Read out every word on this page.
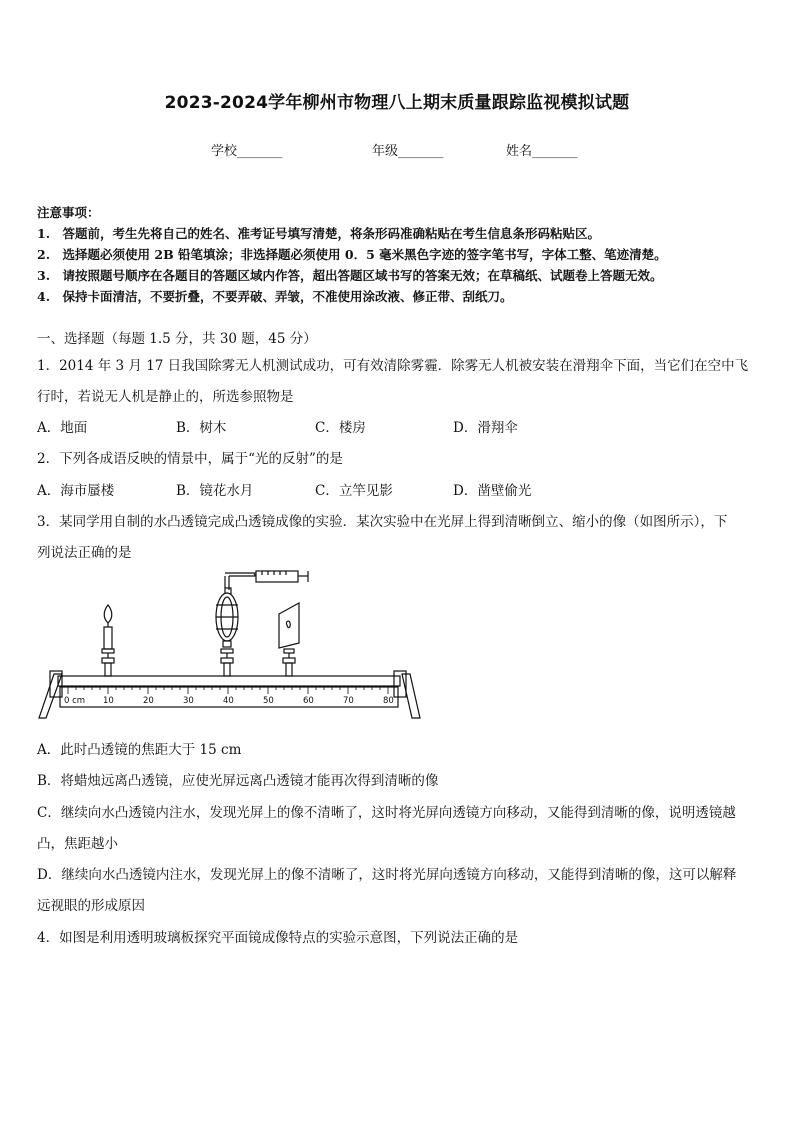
2023-2024学年柳州市物理八上期末质量跟踪监视模拟试题
学校_______	年级_______	姓名_______
注意事项：
1.　答题前，考生先将自己的姓名、准考证号填写清楚，将条形码准确粘贴在考生信息条形码粘贴区。
2.　选择题必须使用 2B 铅笔填涂；非选择题必须使用 0．5 毫米黑色字迹的签字笔书写，字体工整、笔迹清楚。
3.　请按照题号顺序在各题目的答题区域内作答，超出答题区域书写的答案无效；在草稿纸、试题卷上答题无效。
4.　保持卡面清洁，不要折叠，不要弄破、弄皱，不准使用涂改液、修正带、刮纸刀。
一、选择题（每题 1.5 分，共 30 题，45 分）
1．2014 年 3 月 17 日我国除雾无人机测试成功，可有效清除雾霾．除雾无人机被安装在滑翔伞下面，当它们在空中飞
行时，若说无人机是静止的，所选参照物是
A．地面	B．树木	C．楼房	D．滑翔伞
2．下列各成语反映的情景中，属于“光的反射”的是
A．海市蜃楼	B．镜花水月	C．立竿见影	D．凿壁偷光
3．某同学用自制的水凸透镜完成凸透镜成像的实验．某次实验中在光屏上得到清晰倒立、缩小的像（如图所示），下
列说法正确的是
0 cm 10	20	30	40	50	60	70	80
A．此时凸透镜的焦距大于 15 cm
B．将蜡烛远离凸透镜，应使光屏远离凸透镜才能再次得到清晰的像
C．继续向水凸透镜内注水，发现光屏上的像不清晰了，这时将光屏向透镜方向移动，又能得到清晰的像，说明透镜越
凸，焦距越小
D．继续向水凸透镜内注水，发现光屏上的像不清晰了，这时将光屏向透镜方向移动，又能得到清晰的像，这可以解释
远视眼的形成原因
4．如图是利用透明玻璃板探究平面镜成像特点的实验示意图，下列说法正确的是
